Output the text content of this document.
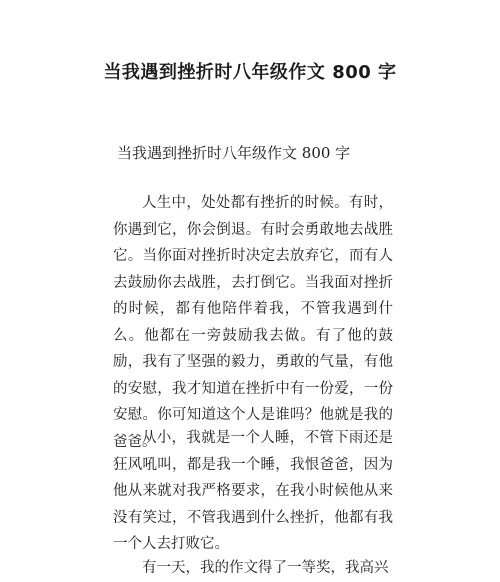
当我遇到挫折时八年级作文 800 字

当我遇到挫折时八年级作文 800 字

人生中，处处都有挫折的时候。有时，你遇到它，你会倒退。有时会勇敢地去战胜它。当你面对挫折时决定去放弃它，而有人去鼓励你去战胜，去打倒它。当我面对挫折的时候，都有他陪伴着我，不管我遇到什么。他都在一旁鼓励我去做。有了他的鼓励，我有了坚强的毅力，勇敢的气量，有他的安慰，我才知道在挫折中有一份爱，一份安慰。你可知道这个人是谁吗？他就是我的爸爸。

从小，我就是一个人睡，不管下雨还是狂风吼叫，都是我一个睡，我恨爸爸，因为他从来就对我严格要求，在我小时候他从来没有笑过，不管我遇到什么挫折，他都有我一个人去打败它。

有一天，我的作文得了一等奖，我高兴
